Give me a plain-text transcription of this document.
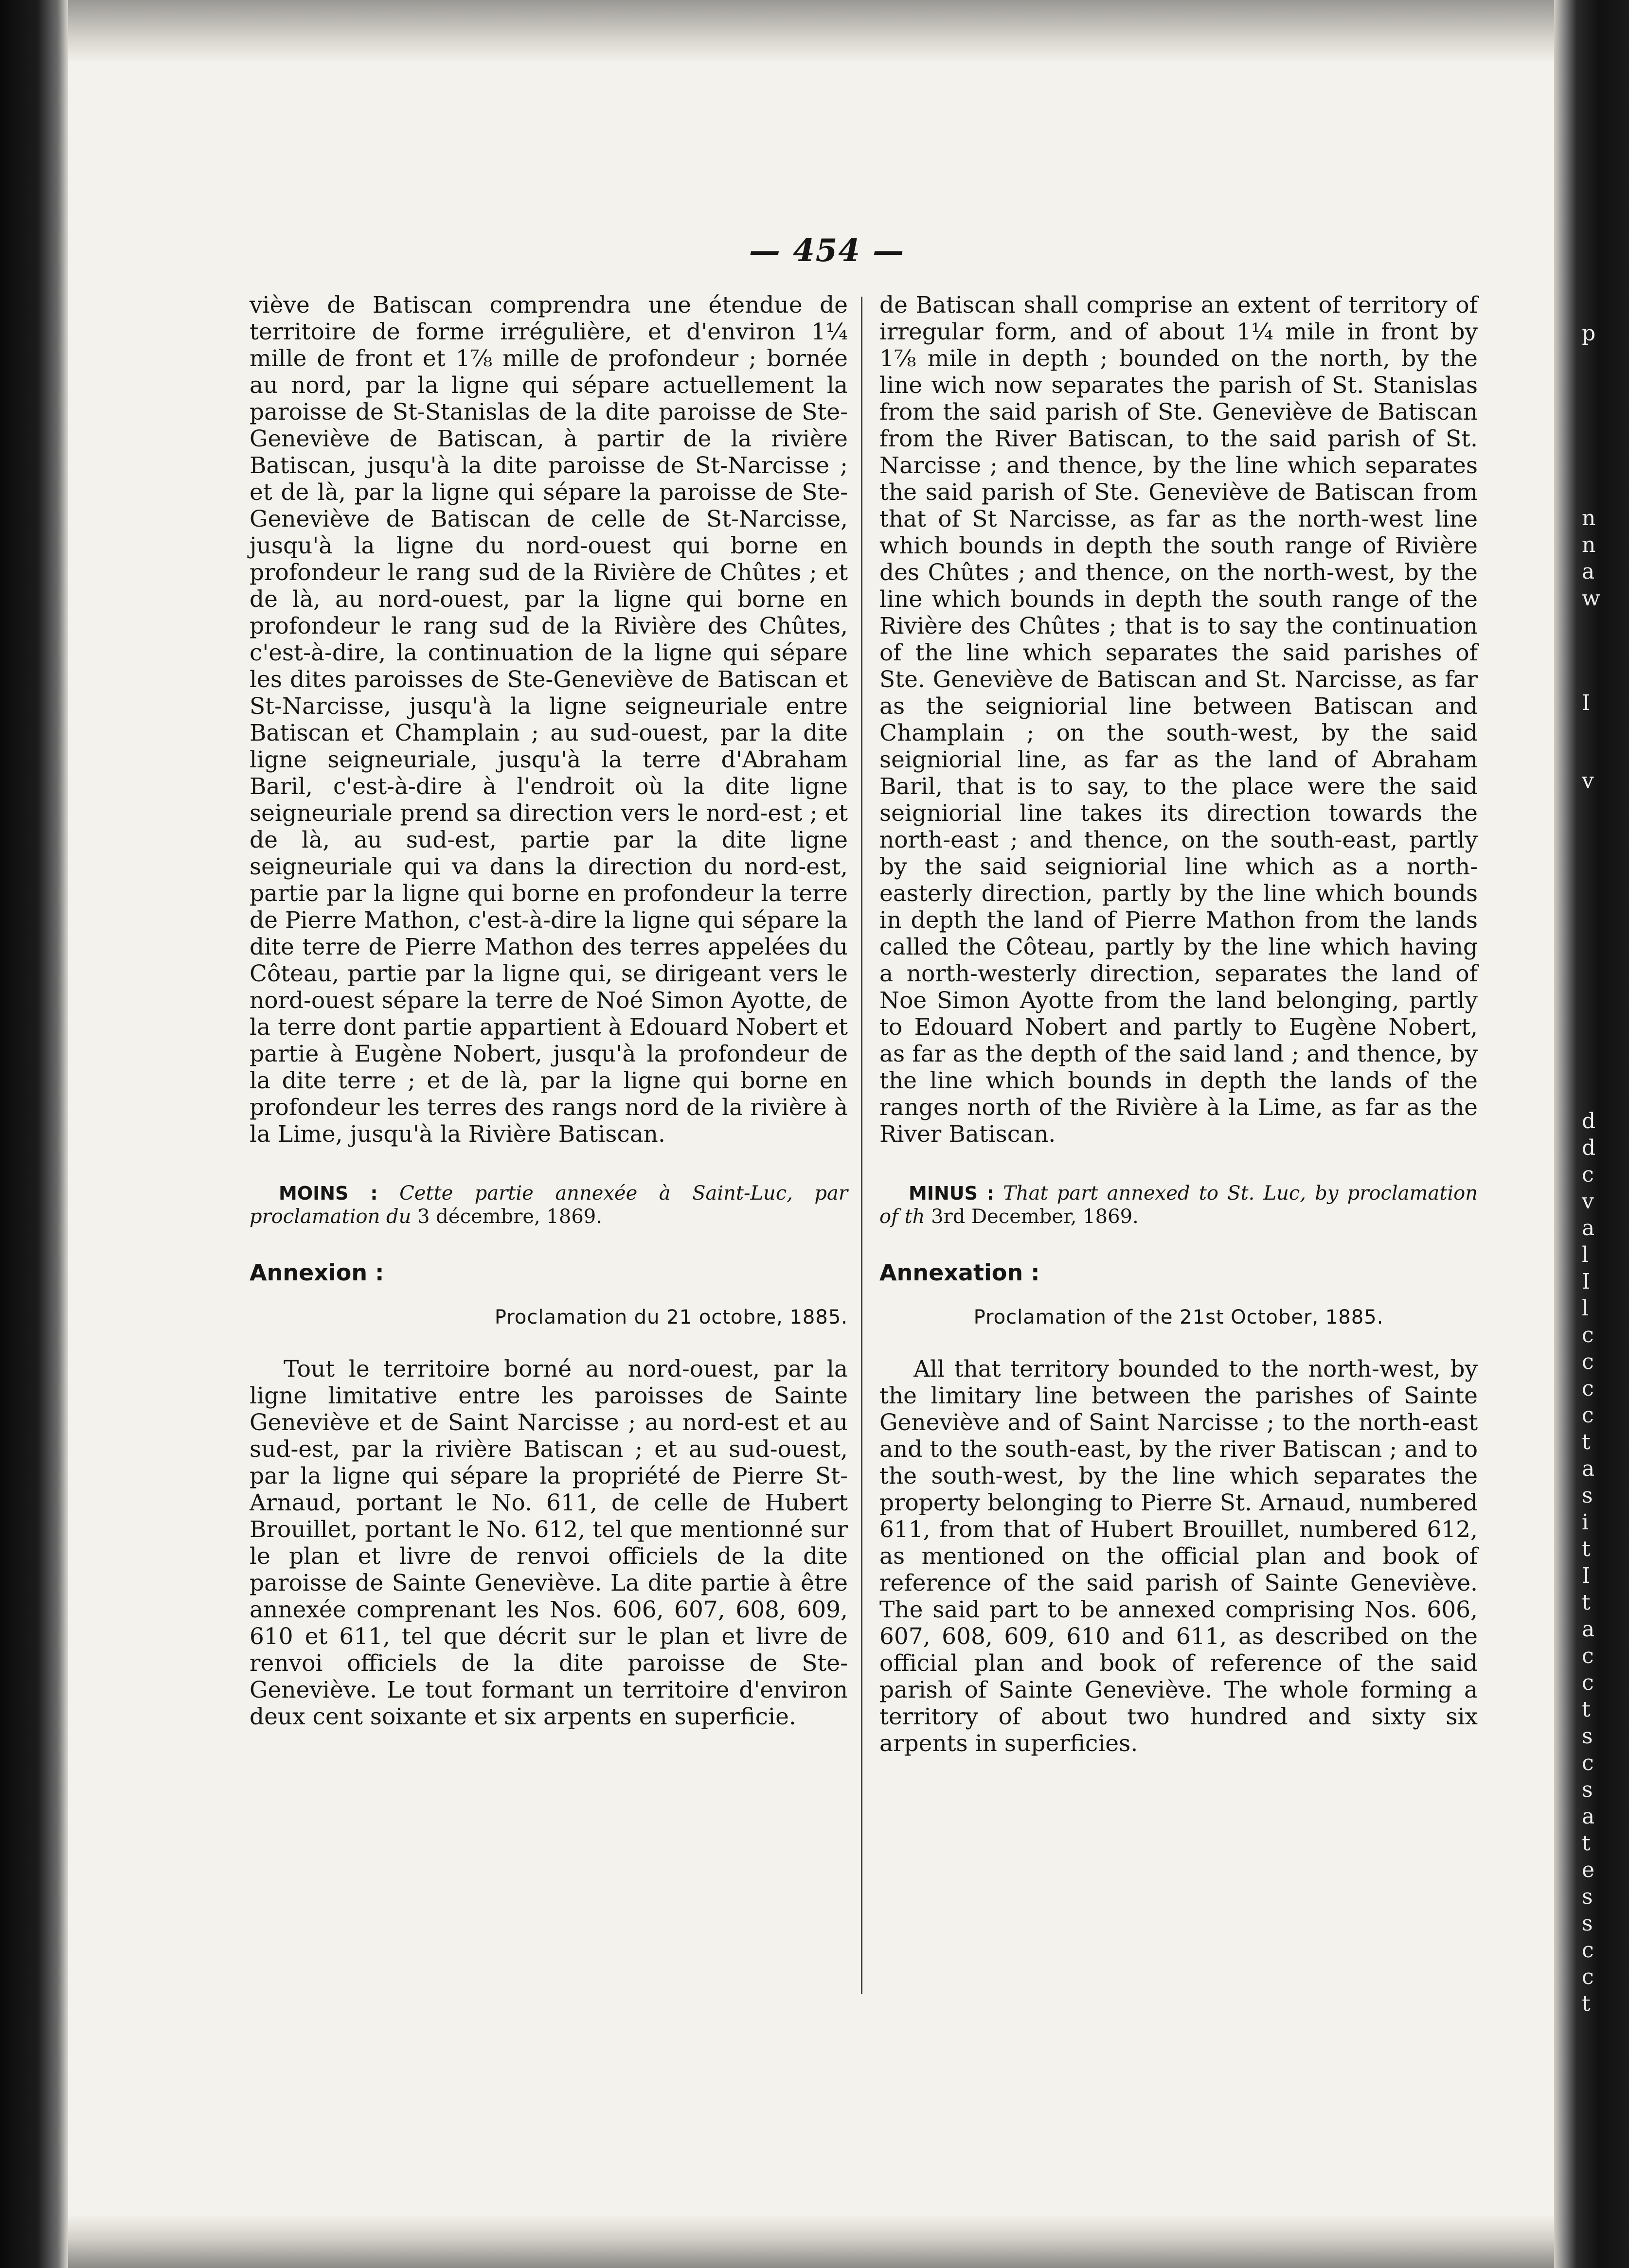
— 454 —

viève de Batiscan comprendra une étendue de territoire de forme irrégulière, et d'environ 1¼ mille de front et 1⅞ mille de profondeur ; bornée au nord, par la ligne qui sépare actuellement la paroisse de St-Stanislas de la dite paroisse de Ste-Geneviève de Batiscan, à partir de la rivière Batiscan, jusqu'à la dite paroisse de St-Narcisse ; et de là, par la ligne qui sépare la paroisse de Ste-Geneviève de Batiscan de celle de St-Narcisse, jusqu'à la ligne du nord-ouest qui borne en profondeur le rang sud de la Rivière de Chûtes ; et de là, au nord-ouest, par la ligne qui borne en profondeur le rang sud de la Rivière des Chûtes, c'est-à-dire, la continuation de la ligne qui sépare les dites paroisses de Ste-Geneviève de Batiscan et St-Narcisse, jusqu'à la ligne seigneuriale entre Batiscan et Champlain ; au sud-ouest, par la dite ligne seigneuriale, jusqu'à la terre d'Abraham Baril, c'est-à-dire à l'endroit où la dite ligne seigneuriale prend sa direction vers le nord-est ; et de là, au sud-est, partie par la dite ligne seigneuriale qui va dans la direction du nord-est, partie par la ligne qui borne en profondeur la terre de Pierre Mathon, c'est-à-dire la ligne qui sépare la dite terre de Pierre Mathon des terres appelées du Côteau, partie par la ligne qui, se dirigeant vers le nord-ouest sépare la terre de Noé Simon Ayotte, de la terre dont partie appartient à Edouard Nobert et partie à Eugène Nobert, jusqu'à la profondeur de la dite terre ; et de là, par la ligne qui borne en profondeur les terres des rangs nord de la rivière à la Lime, jusqu'à la Rivière Batiscan.

MOINS : Cette partie annexée à Saint-Luc, par proclamation du 3 décembre, 1869.

Annexion :
Proclamation du 21 octobre, 1885.

Tout le territoire borné au nord-ouest, par la ligne limitative entre les paroisses de Sainte Geneviève et de Saint Narcisse ; au nord-est et au sud-est, par la rivière Batiscan ; et au sud-ouest, par la ligne qui sépare la propriété de Pierre St-Arnaud, portant le No. 611, de celle de Hubert Brouillet, portant le No. 612, tel que mentionné sur le plan et livre de renvoi officiels de la dite paroisse de Sainte Geneviève. La dite partie à être annexée comprenant les Nos. 606, 607, 608, 609, 610 et 611, tel que décrit sur le plan et livre de renvoi officiels de la dite paroisse de Ste-Geneviève. Le tout formant un territoire d'environ deux cent soixante et six arpents en superficie.

de Batiscan shall comprise an extent of territory of irregular form, and of about 1¼ mile in front by 1⅞ mile in depth ; bounded on the north, by the line wich now separates the parish of St. Stanislas from the said parish of Ste. Geneviève de Batiscan from the River Batiscan, to the said parish of St. Narcisse ; and thence, by the line which separates the said parish of Ste. Geneviève de Batiscan from that of St Narcisse, as far as the north-west line which bounds in depth the south range of Rivière des Chûtes ; and thence, on the north-west, by the line which bounds in depth the south range of the Rivière des Chûtes ; that is to say the continuation of the line which separates the said parishes of Ste. Geneviève de Batiscan and St. Narcisse, as far as the seigniorial line between Batiscan and Champlain ; on the south-west, by the said seigniorial line, as far as the land of Abraham Baril, that is to say, to the place were the said seigniorial line takes its direction towards the north-east ; and thence, on the south-east, partly by the said seigniorial line which as a north-easterly direction, partly by the line which bounds in depth the land of Pierre Mathon from the lands called the Côteau, partly by the line which having a north-westerly direction, separates the land of Noe Simon Ayotte from the land belonging, partly to Edouard Nobert and partly to Eugène Nobert, as far as the depth of the said land ; and thence, by the line which bounds in depth the lands of the ranges north of the Rivière à la Lime, as far as the River Batiscan.

MINUS : That part annexed to St. Luc, by proclamation of th 3rd December, 1869.

Annexation :
Proclamation of the 21st October, 1885.

All that territory bounded to the north-west, by the limitary line between the parishes of Sainte Geneviève and of Saint Narcisse ; to the north-east and to the south-east, by the river Batiscan ; and to the south-west, by the line which separates the property belonging to Pierre St. Arnaud, numbered 611, from that of Hubert Brouillet, numbered 612, as mentioned on the official plan and book of reference of the said parish of Sainte Geneviève. The said part to be annexed comprising Nos. 606, 607, 608, 609, 610 and 611, as described on the official plan and book of reference of the said parish of Sainte Geneviève. The whole forming a territory of about two hundred and sixty six arpents in superficies.

p
n
n
a
w
I
v
d
d
c
v
a
l
I
l
c
c
c
c
t
a
s
i
t
I
t
a
c
c
t
s
c
s
a
t
e
s
s
c
c
t
